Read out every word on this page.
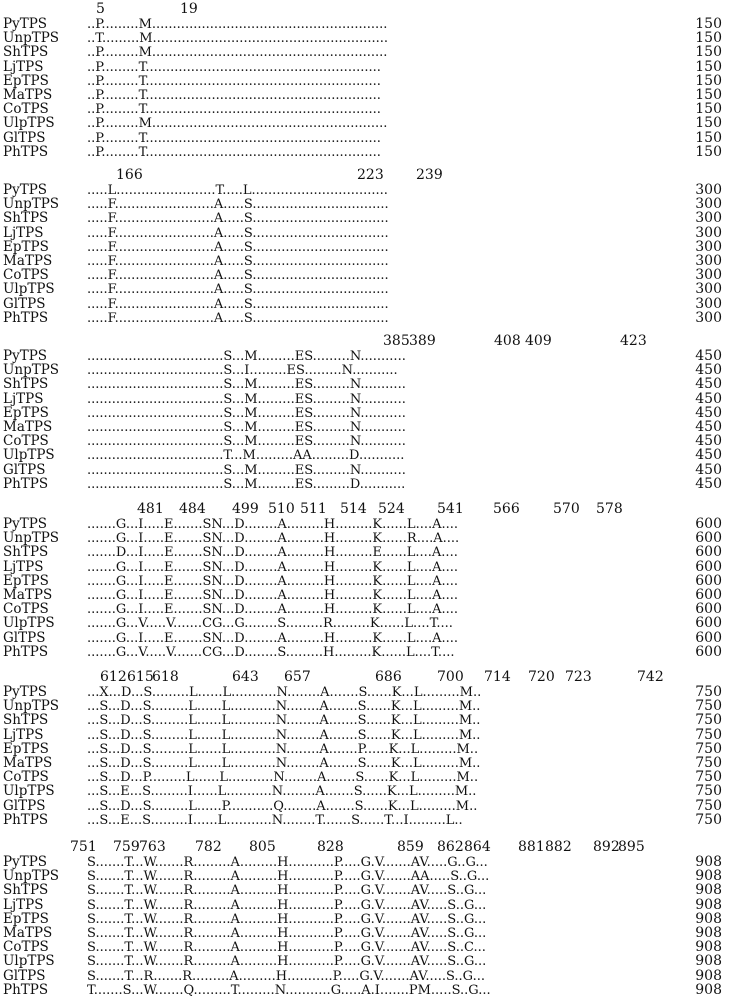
5	19
PyTPS	..P.........M.........................................................	150
UnpTPS	..T.........M.........................................................	150
ShTPS	..P.........M.........................................................	150
LjTPS	..P.........T.........................................................	150
EpTPS	..P.........T.........................................................	150
MaTPS	..P.........T.........................................................	150
CoTPS	..P.........T.........................................................	150
UlpTPS	..P.........M.........................................................	150
GlTPS	..P.........T.........................................................	150
PhTPS	..P.........T.........................................................	150
166	223 239
PyTPS	.....L........................T.....L.................................	300
UnpTPS	.....F........................A.....S.................................	300
ShTPS	.....F........................A.....S.................................	300
LjTPS	.....F........................A.....S.................................	300
EpTPS	.....F........................A.....S.................................	300
MaTPS	.....F........................A.....S.................................	300
CoTPS	.....F........................A.....S.................................	300
UlpTPS	.....F........................A.....S.................................	300
GlTPS	.....F........................A.....S.................................	300
PhTPS	.....F........................A.....S.................................	300
385 389	408 409	423
PyTPS	.................................S...M.........ES.........N...........	450
UnpTPS	.................................S...I.........ES.........N...........	450
ShTPS	.................................S...M.........ES.........N...........	450
LjTPS	.................................S...M.........ES.........N...........	450
EpTPS	.................................S...M.........ES.........N...........	450
MaTPS	.................................S...M.........ES.........N...........	450
CoTPS	.................................S...M.........ES.........N...........	450
UlpTPS	.................................T...M.........AA.........D...........	450
GlTPS	.................................S...M.........ES.........N...........	450
PhTPS	.................................S...M.........ES.........D...........	450
481 484 499 510 511 514 524 541 566 570 578
PyTPS	.......G...I.....E.......SN...D........A.........H.........K......L....A....	600
UnpTPS	.......G...I.....E.......SN...D........A.........H.........K......R....A....	600
ShTPS	.......D...I.....E.......SN...D........A.........H.........E......L....A....	600
LjTPS	.......G...I.....E.......SN...D........A.........H.........K......L....A....	600
EpTPS	.......G...I.....E.......SN...D........A.........H.........K......L....A....	600
MaTPS	.......G...I.....E.......SN...D........A.........H.........K......L....A....	600
CoTPS	.......G...I.....E.......SN...D........A.........H.........K......L....A....	600
UlpTPS	.......G...V.....V.......CG...G........S.........R.........K......L....T....	600
GlTPS	.......G...I.....E.......SN...D........A.........H.........K......L....A....	600
PhTPS	.......G...V.....V.......CG...D........S.........H.........K......L....T....	600
612 615
618	643 657	686	700 714 720 723	742
PyTPS	...X...D...S.........L......L...........N........A.......S......K...L.........M..	750
UnpTPS	...S...D...S.........L......L...........N........A.......S......K...L.........M..	750
ShTPS	...S...D...S.........L......L...........N........A.......S......K...L.........M..	750
LjTPS	...S...D...S.........L......L...........N........A.......S......K...L.........M..	750
EpTPS	...S...D...S.........L......L...........N........A.......P......K...L.........M..	750
MaTPS	...S...D...S.........L......L...........N........A.......S......K...L.........M..	750
CoTPS	...S...D...P.........L......L...........N........A.......S......K...L.........M..	750
UlpTPS	...S...E...S.........I......L...........N........A.......S......K...L.........M..	750
GlTPS	...S...D...S.........L......P...........Q........A.......S......K...L.........M..	750
PhTPS	...S...E...S.........I......L...........N........T.......S......T...I.........L..	750
751 759 763 782 805	828	859 862 864 881 882 892
895
PyTPS	S.......T...W.......R.........A.........H...........P.....G.V.......AV.....G..G...	908
UnpTPS	S.......T...W.......R.........A.........H...........P.....G.V.......AA.....S..G...	908
ShTPS	S.......T...W.......R.........A.........H...........P.....G.V.......AV.....S..G...	908
LjTPS	S.......T...W.......R.........A.........H...........P.....G.V.......AV.....S..G...	908
EpTPS	S.......T...W.......R.........A.........H...........P.....G.V.......AV.....S..G...	908
MaTPS	S.......T...W.......R.........A.........H...........P.....G.V.......AV.....S..G...	908
CoTPS	S.......T...W.......R.........A.........H...........P.....G.V.......AV.....S..C...	908
UlpTPS	S.......T...W.......R.........A.........H...........P.....G.V.......AV.....S..G...	908
GlTPS	S.......T...R.......R.........A.........H...........P.....G.V.......AV.....S..G...	908
PhTPS	T.......S...W.......Q.........T.........N...........G.....A.I.......PM.....S..G...	908
